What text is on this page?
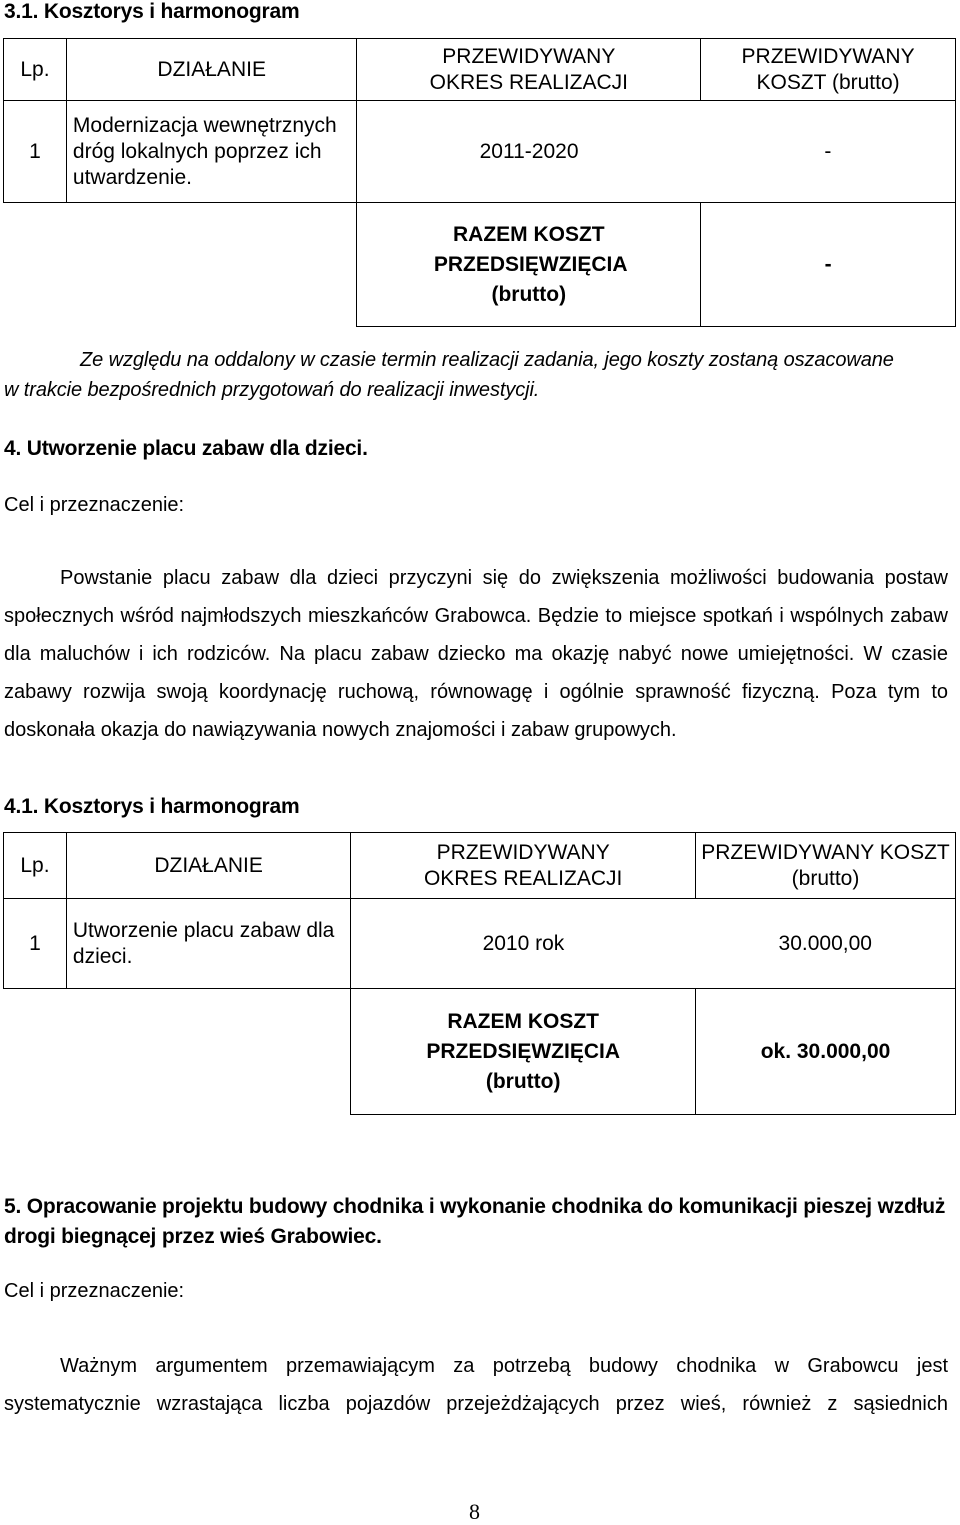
3.1. Kosztorys i harmonogram
Lp.	DZIAŁANIE	PRZEWIDYWANY OKRES REALIZACJI	PRZEWIDYWANY KOSZT (brutto)

1	Modernizacja wewnętrznych dróg lokalnych poprzez ich utwardzenie.	2011-2020	-

		RAZEM KOSZT PRZEDSIĘWZIĘCIA (brutto)	-
Ze względu na oddalony w czasie termin realizacji zadania, jego koszty zostaną oszacowane
w trakcie bezpośrednich przygotowań do realizacji inwestycji.
4. Utworzenie placu zabaw dla dzieci.
Cel i przeznaczenie:
Powstanie placu zabaw dla dzieci przyczyni się do zwiększenia możliwości budowania postaw społecznych wśród najmłodszych mieszkańców Grabowca. Będzie to miejsce spotkań i wspólnych zabaw dla maluchów i ich rodziców. Na placu zabaw dziecko ma okazję nabyć nowe umiejętności. W czasie zabawy rozwija swoją koordynację ruchową, równowagę i ogólnie sprawność fizyczną. Poza tym to doskonała okazja do nawiązywania nowych znajomości i zabaw grupowych.
4.1. Kosztorys i harmonogram
Lp.	DZIAŁANIE	PRZEWIDYWANY OKRES REALIZACJI	PRZEWIDYWANY KOSZT (brutto)

1	Utworzenie placu zabaw dla dzieci.	2010 rok	30.000,00

		RAZEM KOSZT PRZEDSIĘWZIĘCIA (brutto)	ok. 30.000,00
5. Opracowanie projektu budowy chodnika i wykonanie chodnika do komunikacji pieszej wzdłuż drogi biegnącej przez wieś Grabowiec.
Cel i przeznaczenie:
Ważnym argumentem przemawiającym za potrzebą budowy chodnika w Grabowcu jest systematycznie wzrastająca liczba pojazdów przejeżdżających przez wieś, również z sąsiednich
8
